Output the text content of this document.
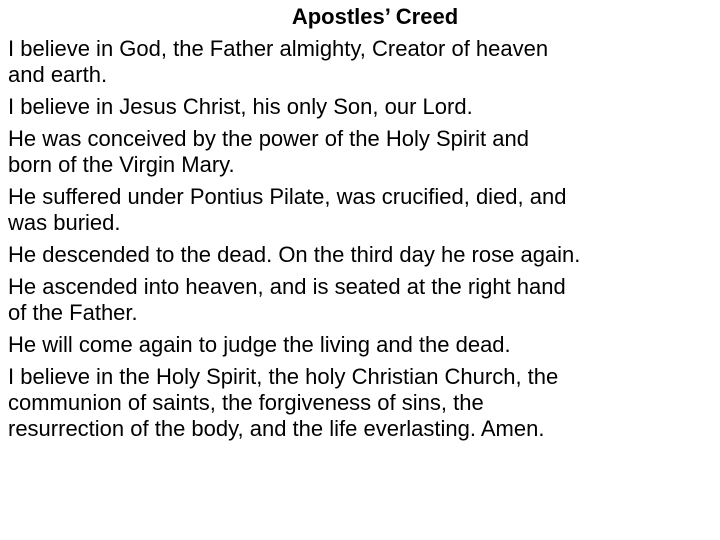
Apostles’ Creed

I believe in God, the Father almighty, Creator of heaven
and earth.

I believe in Jesus Christ, his only Son, our Lord.

He was conceived by the power of the Holy Spirit and
born of the Virgin Mary.

He suffered under Pontius Pilate, was crucified, died, and
was buried.

He descended to the dead. On the third day he rose again.

He ascended into heaven, and is seated at the right hand
of the Father.

He will come again to judge the living and the dead.

I believe in the Holy Spirit, the holy Christian Church, the
communion of saints, the forgiveness of sins, the
resurrection of the body, and the life everlasting. Amen.
